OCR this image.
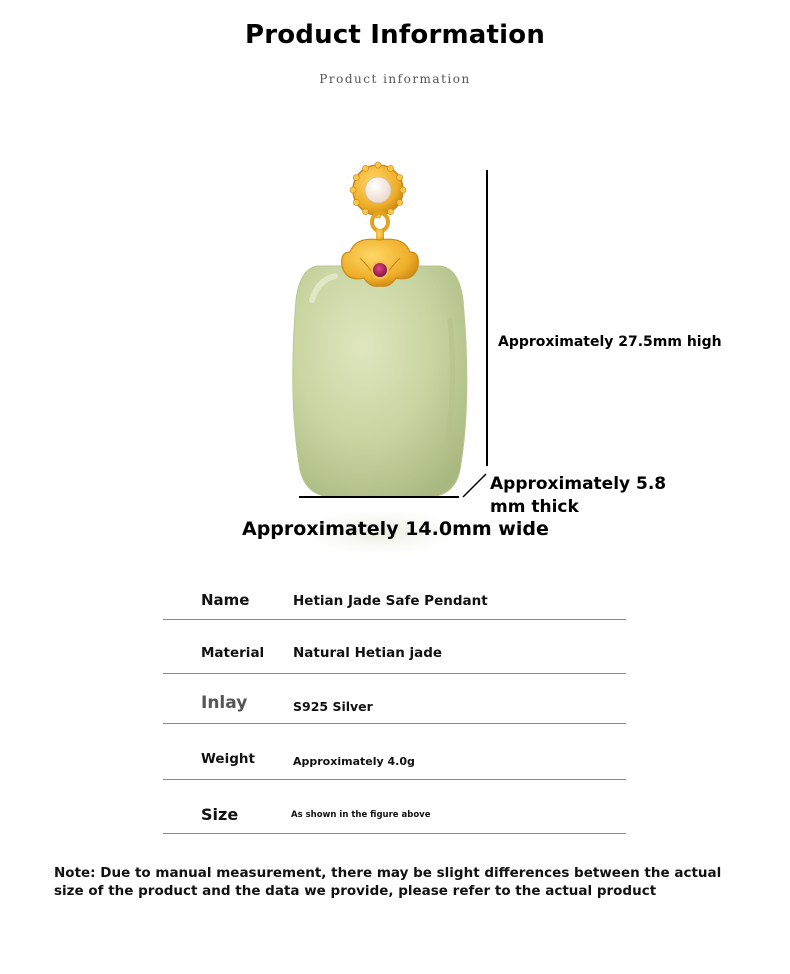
Product Information
Product information
Approximately 27.5mm high
Approximately 5.8 mm thick
Approximately 14.0mm wide
Name	Hetian Jade Safe Pendant
Material Natural Hetian jade
Inlay	S925 Silver
Weight	Approximately 4.0g
Size	As shown in the figure above
Note: Due to manual measurement, there may be slight differences between the actual size of the product and the data we provide, please refer to the actual product
